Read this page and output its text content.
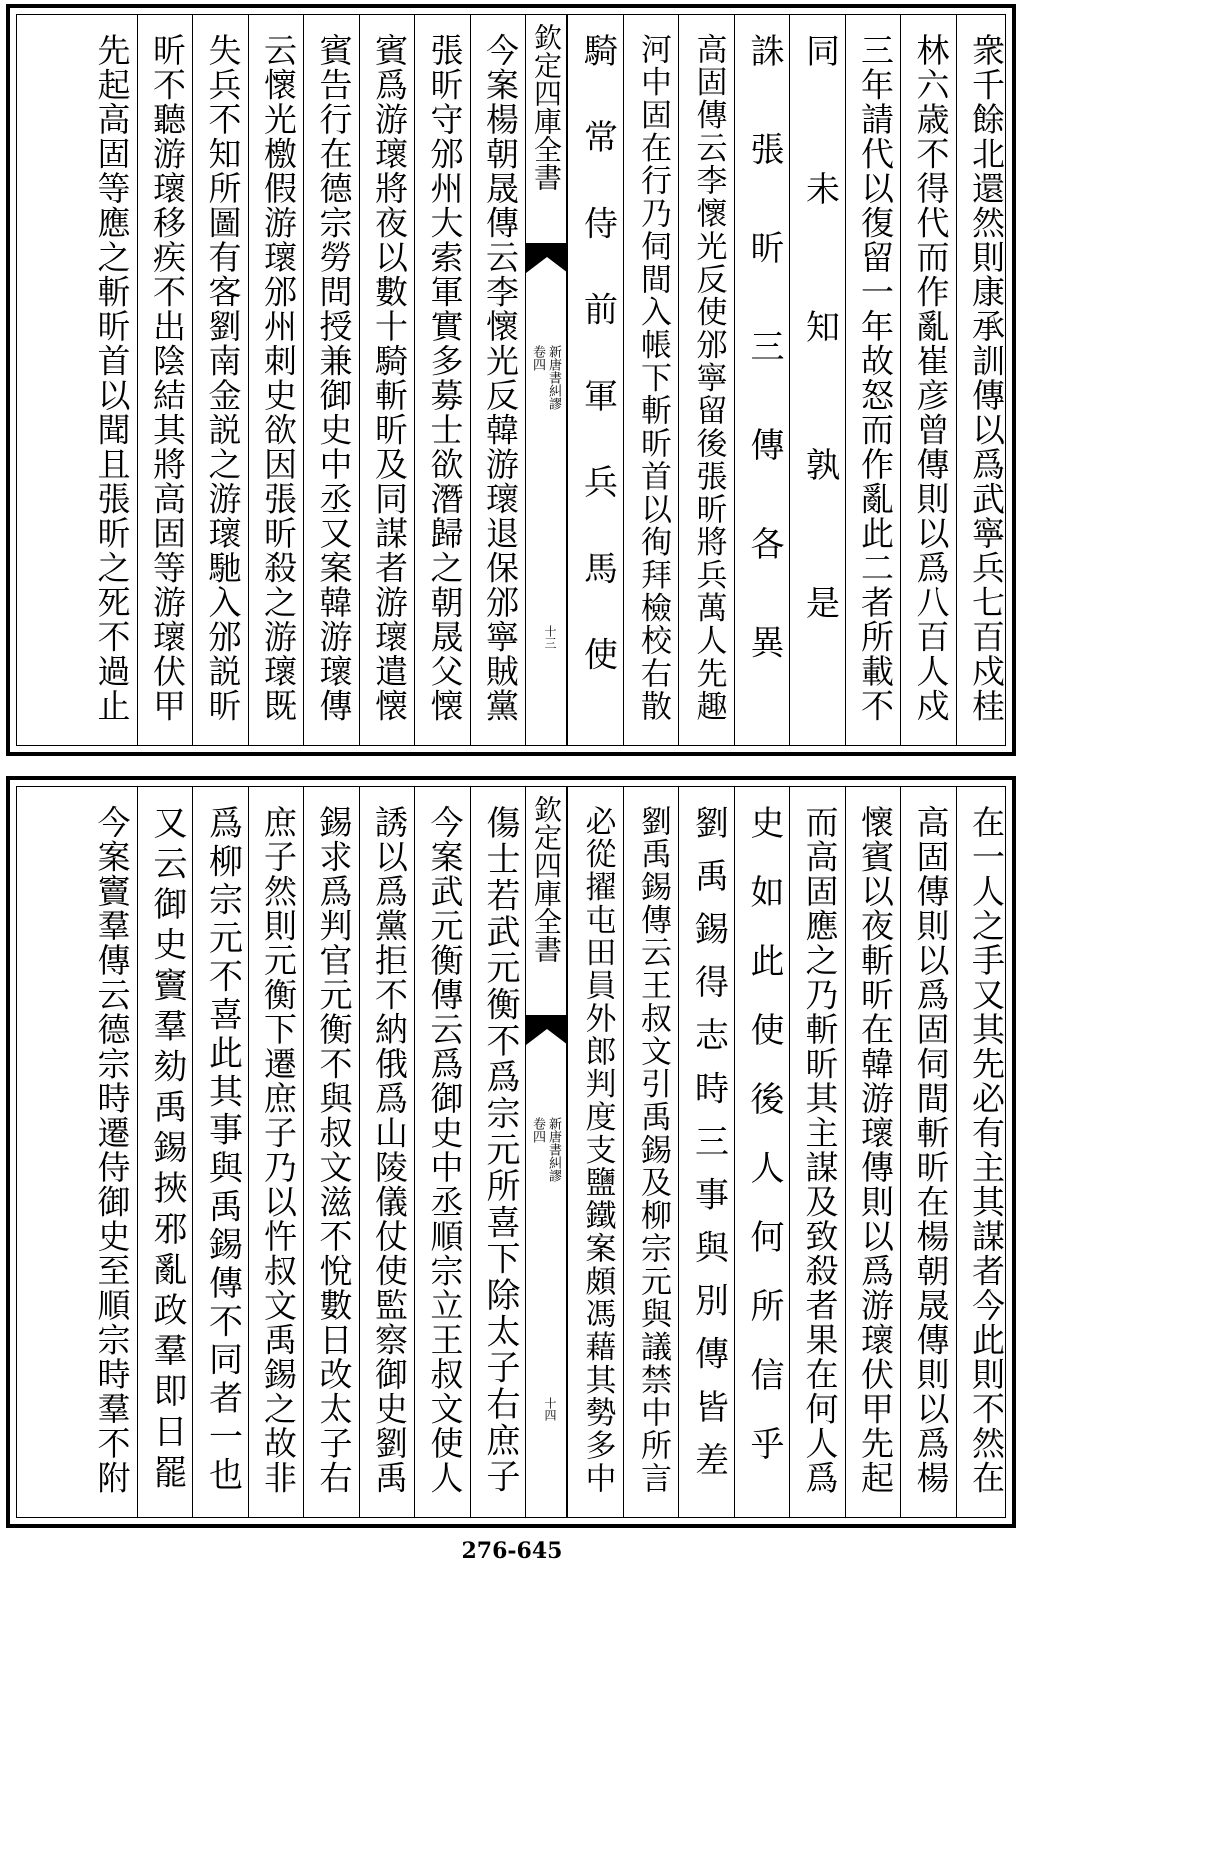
衆千餘北還然則康承訓傳以爲武寧兵七百戍桂
林六歳不得代而作亂崔彦曾傳則以爲八百人戍
三年請代以復留一年故怒而作亂此二者所載不
同未知孰是
誅張昕三傳各異
高固傳云李懷光反使邠寧留後張昕將兵萬人先趣
河中固在行乃伺間入帳下斬昕首以徇拜檢校右散
騎常侍前軍兵馬使
欽定四庫全書
新唐書糾謬
卷四
十三
今案楊朝晟傳云李懷光反韓游瓌退保邠寧賊黨
張昕守邠州大索軍實多募士欲潛歸之朝晟父懐
賓爲游瓌將夜以數十騎斬昕及同謀者游瓌遣懐
賓告行在德宗勞問授兼御史中丞又案韓游瓌傳
云懷光檄假游瓌邠州刺史欲因張昕殺之游瓌既
失兵不知所圖有客劉南金説之游瓌馳入邠説昕
昕不聽游瓌移疾不出陰結其將高固等游瓌伏甲
先起高固等應之斬昕首以聞且張昕之死不過止
在一人之手又其先必有主其謀者今此則不然在
高固傳則以爲固伺間斬昕在楊朝晟傳則以爲楊
懷賓以夜斬昕在韓游瓌傳則以爲游瓌伏甲先起
而高固應之乃斬昕其主謀及致殺者果在何人爲
史如此使後人何所信乎
劉禹錫得志時三事與別傳皆差
劉禹錫傳云王叔文引禹錫及柳宗元與議禁中所言
必從擢屯田員外郎判度支鹽鐵案頗馮藉其勢多中
欽定四庫全書
新唐書糾謬
卷四
十四
傷士若武元衡不爲宗元所喜下除太子右庶子
今案武元衡傳云爲御史中丞順宗立王叔文使人
誘以爲黨拒不納俄爲山陵儀仗使監察御史劉禹
錫求爲判官元衡不與叔文滋不悅數日改太子右
庶子然則元衡下遷庶子乃以忤叔文禹錫之故非
爲柳宗元不喜此其事與禹錫傳不同者一也
又云御史竇羣劾禹錫挾邪亂政羣即日罷
今案竇羣傳云德宗時遷侍御史至順宗時羣不附
276-645
